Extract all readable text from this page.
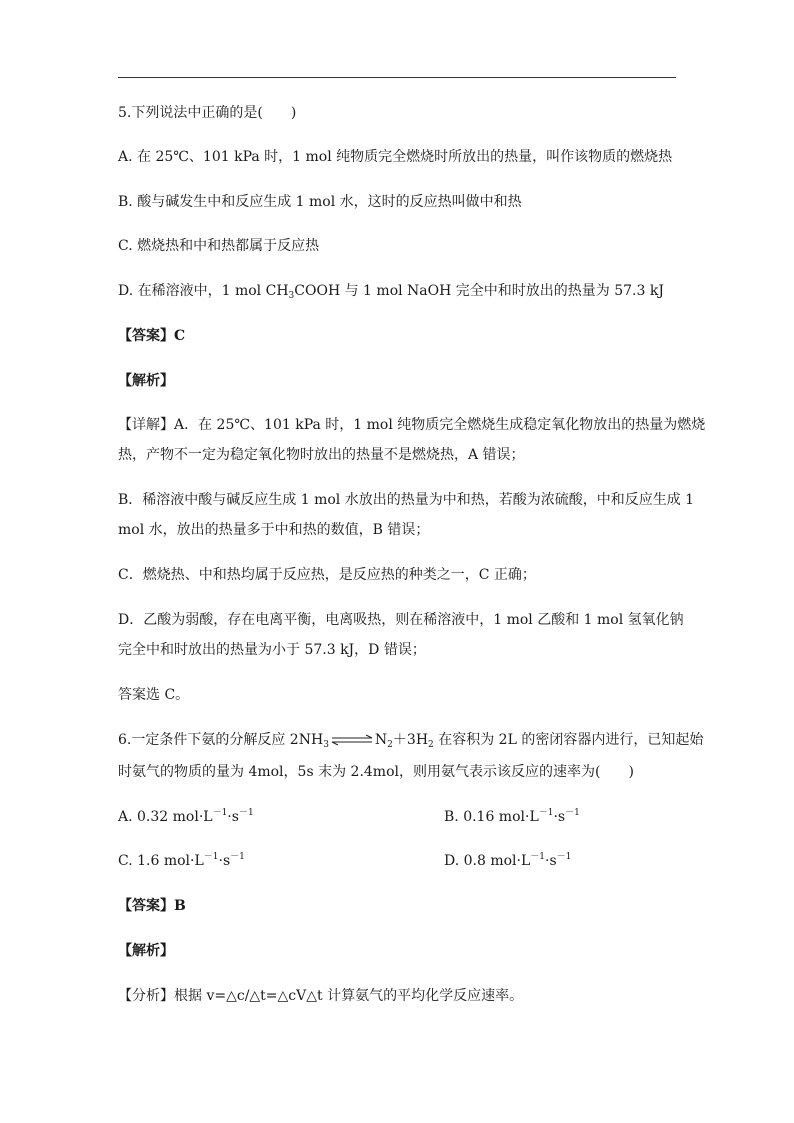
5.下列说法中正确的是(　　)
A. 在 25℃、101 kPa 时，1 mol 纯物质完全燃烧时所放出的热量，叫作该物质的燃烧热
B. 酸与碱发生中和反应生成 1 mol 水，这时的反应热叫做中和热
C. 燃烧热和中和热都属于反应热
D. 在稀溶液中，1 mol $CH_3COOH$ 与 1 mol NaOH 完全中和时放出的热量为 57.3 kJ
【答案】C
【解析】
【详解】A．在 25℃、101 kPa 时，1 mol 纯物质完全燃烧生成稳定氧化物放出的热量为燃烧
热，产物不一定为稳定氧化物时放出的热量不是燃烧热，A 错误；
B．稀溶液中酸与碱反应生成 1 mol 水放出的热量为中和热，若酸为浓硫酸，中和反应生成 1
mol 水，放出的热量多于中和热的数值，B 错误；
C．燃烧热、中和热均属于反应热，是反应热的种类之一，C 正确；
D．乙酸为弱酸，存在电离平衡，电离吸热，则在稀溶液中，1 mol 乙酸和 1 mol 氢氧化钠
完全中和时放出的热量为小于 57.3 kJ，D 错误；
答案选 C。
6.一定条件下氨的分解反应 $2NH_3\rightleftharpoons N_2+3H_2$ 在容积为 2L 的密闭容器内进行，已知起始
时氨气的物质的量为 4mol，5s 末为 2.4mol，则用氨气表示该反应的速率为(　　)
A. 0.32 $mol\cdot L^{-1}\cdot s^{-1}$	B. 0.16 $mol\cdot L^{-1}\cdot s^{-1}$
C. 1.6 $mol\cdot L^{-1}\cdot s^{-1}$	D. 0.8 $mol\cdot L^{-1}\cdot s^{-1}$
【答案】B
【解析】
【分析】根据 v=△c/△t=△cV△t 计算氨气的平均化学反应速率。
